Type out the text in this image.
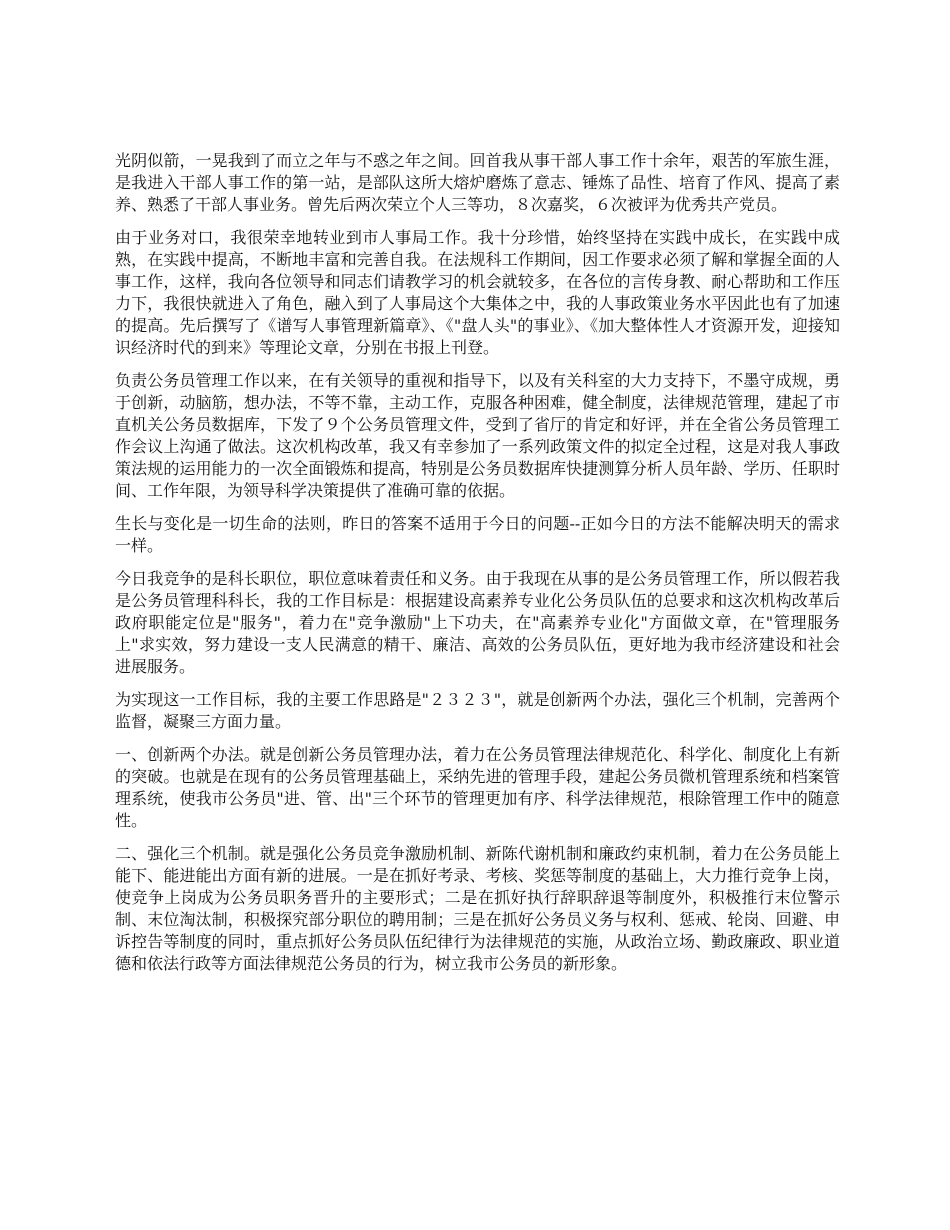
光阴似箭，一晃我到了而立之年与不惑之年之间。回首我从事干部人事工作十余年，艰苦的军旅生涯，是我进入干部人事工作的第一站，是部队这所大熔炉磨炼了意志、锤炼了品性、培育了作风、提高了素养、熟悉了干部人事业务。曾先后两次荣立个人三等功，８次嘉奖，６次被评为优秀共产党员。

由于业务对口，我很荣幸地转业到市人事局工作。我十分珍惜，始终坚持在实践中成长，在实践中成熟，在实践中提高，不断地丰富和完善自我。在法规科工作期间，因工作要求必须了解和掌握全面的人事工作，这样，我向各位领导和同志们请教学习的机会就较多，在各位的言传身教、耐心帮助和工作压力下，我很快就进入了角色，融入到了人事局这个大集体之中，我的人事政策业务水平因此也有了加速的提高。先后撰写了《谱写人事管理新篇章》、《"盘人头"的事业》、《加大整体性人才资源开发，迎接知识经济时代的到来》等理论文章，分别在书报上刊登。

负责公务员管理工作以来，在有关领导的重视和指导下，以及有关科室的大力支持下，不墨守成规，勇于创新，动脑筋，想办法，不等不靠，主动工作，克服各种困难，健全制度，法律规范管理，建起了市直机关公务员数据库，下发了９个公务员管理文件，受到了省厅的肯定和好评，并在全省公务员管理工作会议上沟通了做法。这次机构改革，我又有幸参加了一系列政策文件的拟定全过程，这是对我人事政策法规的运用能力的一次全面锻炼和提高，特别是公务员数据库快捷测算分析人员年龄、学历、任职时间、工作年限，为领导科学决策提供了准确可靠的依据。

生长与变化是一切生命的法则，昨日的答案不适用于今日的问题--正如今日的方法不能解决明天的需求一样。

今日我竞争的是科长职位，职位意味着责任和义务。由于我现在从事的是公务员管理工作，所以假若我是公务员管理科科长，我的工作目标是：根据建设高素养专业化公务员队伍的总要求和这次机构改革后政府职能定位是"服务"，着力在"竞争激励"上下功夫，在"高素养专业化"方面做文章，在"管理服务上"求实效，努力建设一支人民满意的精干、廉洁、高效的公务员队伍，更好地为我市经济建设和社会进展服务。

为实现这一工作目标，我的主要工作思路是"２３２３"，就是创新两个办法，强化三个机制，完善两个监督，凝聚三方面力量。

一、创新两个办法。就是创新公务员管理办法，着力在公务员管理法律规范化、科学化、制度化上有新的突破。也就是在现有的公务员管理基础上，采纳先进的管理手段，建起公务员微机管理系统和档案管理系统，使我市公务员"进、管、出"三个环节的管理更加有序、科学法律规范，根除管理工作中的随意性。

二、强化三个机制。就是强化公务员竞争激励机制、新陈代谢机制和廉政约束机制，着力在公务员能上能下、能进能出方面有新的进展。一是在抓好考录、考核、奖惩等制度的基础上，大力推行竞争上岗，使竞争上岗成为公务员职务晋升的主要形式；二是在抓好执行辞职辞退等制度外，积极推行末位警示制、末位淘汰制，积极探究部分职位的聘用制；三是在抓好公务员义务与权利、惩戒、轮岗、回避、申诉控告等制度的同时，重点抓好公务员队伍纪律行为法律规范的实施，从政治立场、勤政廉政、职业道德和依法行政等方面法律规范公务员的行为，树立我市公务员的新形象。
